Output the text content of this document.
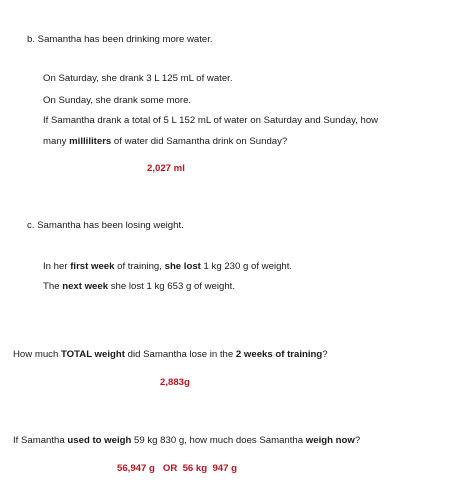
b. Samantha has been drinking more water.
On Saturday, she drank 3 L 125 mL of water.
On Sunday, she drank some more.
If Samantha drank a total of 5 L 152 mL of water on Saturday and Sunday, how
many milliliters of water did Samantha drink on Sunday?
2,027 ml
c. Samantha has been losing weight.
In her first week of training, she lost 1 kg 230 g of weight.
The next week she lost 1 kg 653 g of weight.
How much TOTAL weight did Samantha lose in the 2 weeks of training?
2,883g
If Samantha used to weigh 59 kg 830 g, how much does Samantha weigh now?
56,947 g   OR  56 kg  947 g
